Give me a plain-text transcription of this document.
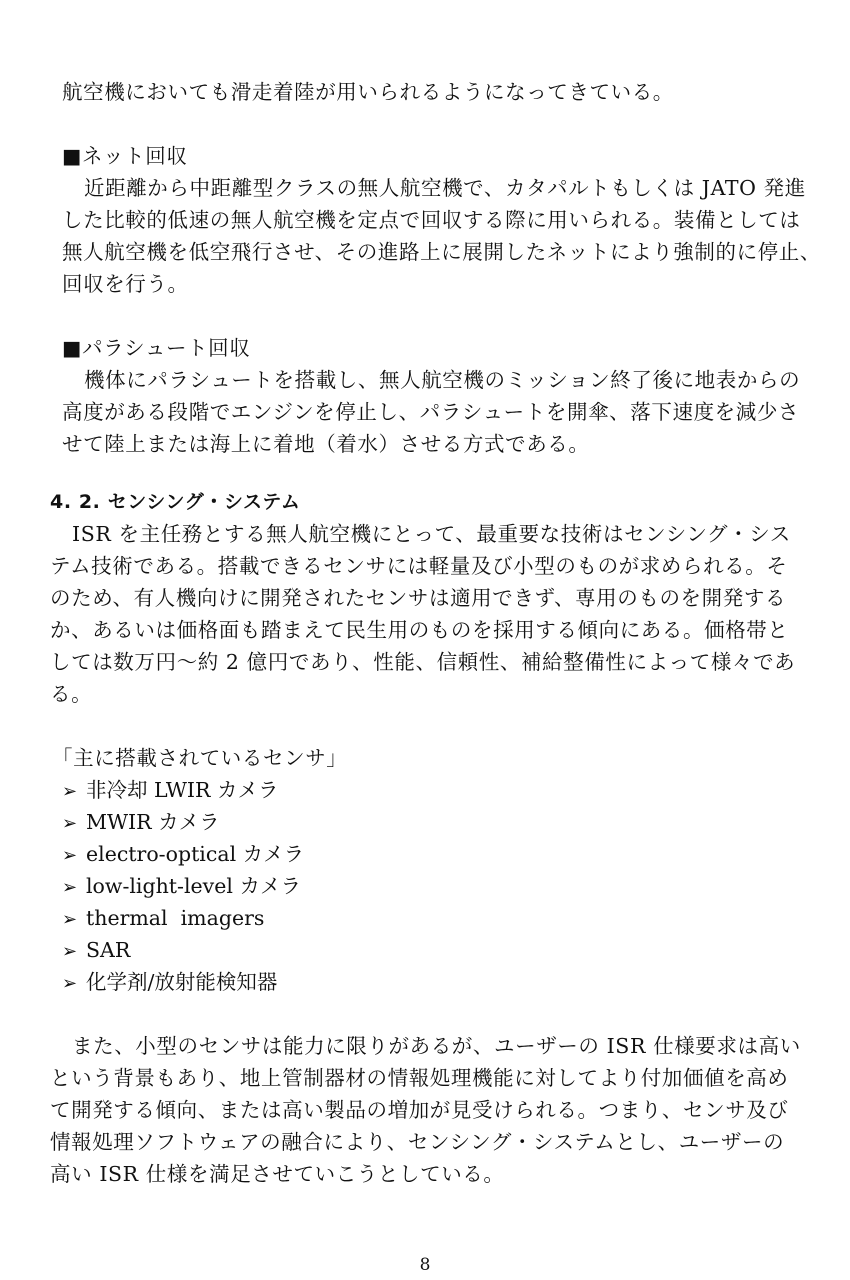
航空機においても滑走着陸が用いられるようになってきている。
■ネット回収
近距離から中距離型クラスの無人航空機で、カタパルトもしくは JATO 発進
した比較的低速の無人航空機を定点で回収する際に用いられる。装備としては
無人航空機を低空飛行させ、その進路上に展開したネットにより強制的に停止、
回収を行う。
■パラシュート回収
機体にパラシュートを搭載し、無人航空機のミッション終了後に地表からの
高度がある段階でエンジンを停止し、パラシュートを開傘、落下速度を減少さ
せて陸上または海上に着地（着水）させる方式である。
4. 2. センシング・システム
ISR を主任務とする無人航空機にとって、最重要な技術はセンシング・シス
テム技術である。搭載できるセンサには軽量及び小型のものが求められる。そ
のため、有人機向けに開発されたセンサは適用できず、専用のものを開発する
か、あるいは価格面も踏まえて民生用のものを採用する傾向にある。価格帯と
しては数万円〜約 2 億円であり、性能、信頼性、補給整備性によって様々であ
る。
「主に搭載されているセンサ」
➢ 非冷却 LWIR カメラ
➢ MWIR カメラ
➢ electro-optical カメラ
➢ low-light-level カメラ
➢ thermal  imagers
➢ SAR
➢ 化学剤/放射能検知器
また、小型のセンサは能力に限りがあるが、ユーザーの ISR 仕様要求は高い
という背景もあり、地上管制器材の情報処理機能に対してより付加価値を高め
て開発する傾向、または高い製品の増加が見受けられる。つまり、センサ及び
情報処理ソフトウェアの融合により、センシング・システムとし、ユーザーの
高い ISR 仕様を満足させていこうとしている。
8
